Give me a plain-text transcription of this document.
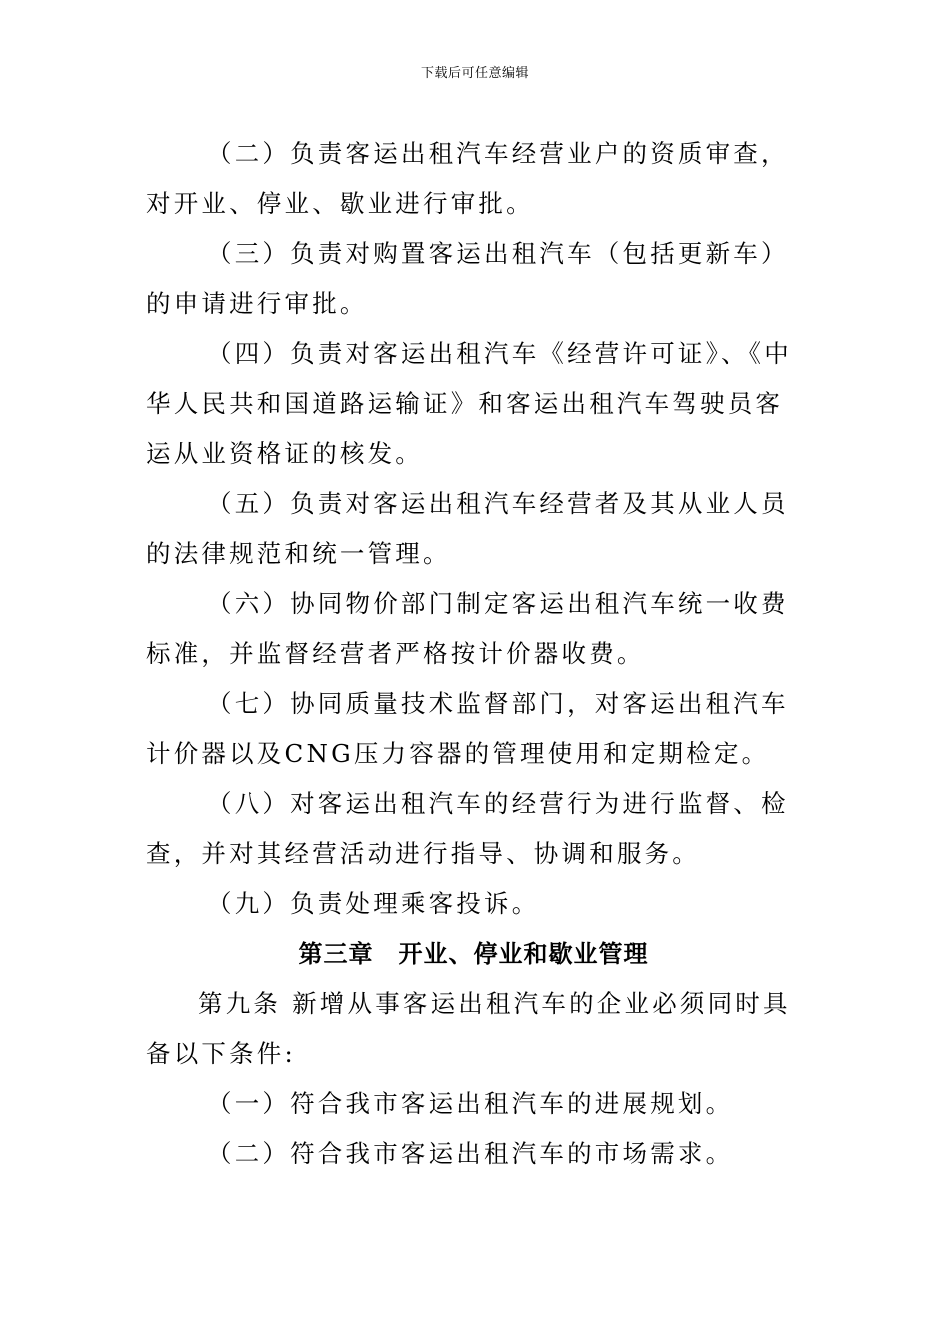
下载后可任意编辑

（二）负责客运出租汽车经营业户的资质审查，对开业、停业、歇业进行审批。

（三）负责对购置客运出租汽车（包括更新车）的申请进行审批。

（四）负责对客运出租汽车《经营许可证》、《中华人民共和国道路运输证》和客运出租汽车驾驶员客运从业资格证的核发。

（五）负责对客运出租汽车经营者及其从业人员的法律规范和统一管理。

（六）协同物价部门制定客运出租汽车统一收费标准，并监督经营者严格按计价器收费。

（七）协同质量技术监督部门，对客运出租汽车计价器以及CNG压力容器的管理使用和定期检定。

（八）对客运出租汽车的经营行为进行监督、检查，并对其经营活动进行指导、协调和服务。

（九）负责处理乘客投诉。

第三章　开业、停业和歇业管理

第九条 新增从事客运出租汽车的企业必须同时具备以下条件:

（一）符合我市客运出租汽车的进展规划。

（二）符合我市客运出租汽车的市场需求。
